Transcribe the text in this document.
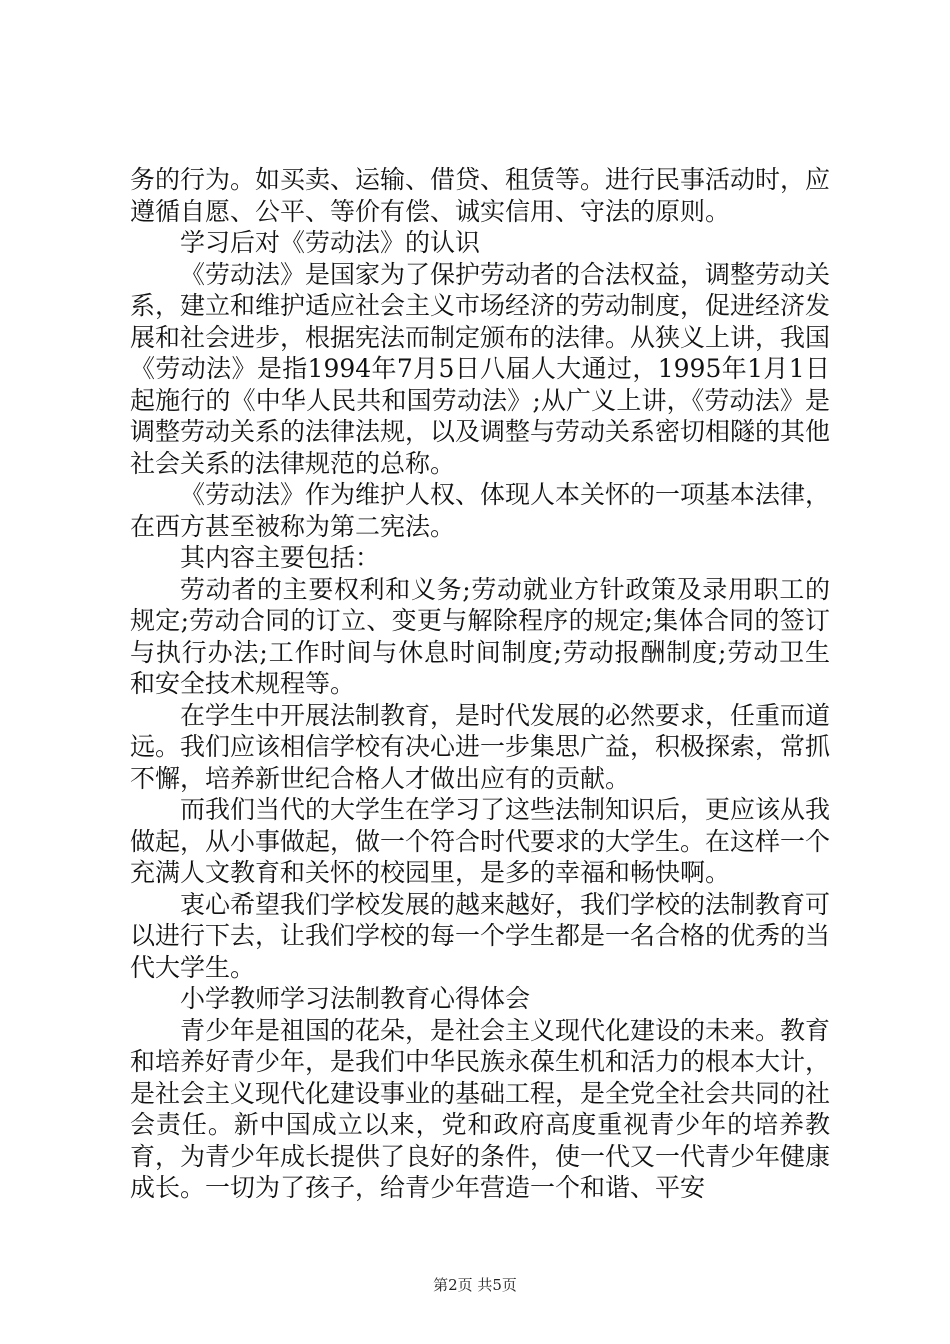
务的行为。如买卖、运输、借贷、租赁等。进行民事活动时，应遵循自愿、公平、等价有偿、诚实信用、守法的原则。

学习后对《劳动法》的认识

《劳动法》是国家为了保护劳动者的合法权益，调整劳动关系，建立和维护适应社会主义市场经济的劳动制度，促进经济发展和社会进步，根据宪法而制定颁布的法律。从狭义上讲，我国《劳动法》是指1994年7月5日八届人大通过，1995年1月1日起施行的《中华人民共和国劳动法》;从广义上讲，《劳动法》是调整劳动关系的法律法规，以及调整与劳动关系密切相隧的其他社会关系的法律规范的总称。

《劳动法》作为维护人权、体现人本关怀的一项基本法律，在西方甚至被称为第二宪法。

其内容主要包括：

劳动者的主要权利和义务;劳动就业方针政策及录用职工的规定;劳动合同的订立、变更与解除程序的规定;集体合同的签订与执行办法;工作时间与休息时间制度;劳动报酬制度;劳动卫生和安全技术规程等。

在学生中开展法制教育，是时代发展的必然要求，任重而道远。我们应该相信学校有决心进一步集思广益，积极探索，常抓不懈，培养新世纪合格人才做出应有的贡献。

而我们当代的大学生在学习了这些法制知识后，更应该从我做起，从小事做起，做一个符合时代要求的大学生。在这样一个充满人文教育和关怀的校园里，是多的幸福和畅快啊。

衷心希望我们学校发展的越来越好，我们学校的法制教育可以进行下去，让我们学校的每一个学生都是一名合格的优秀的当代大学生。

小学教师学习法制教育心得体会

青少年是祖国的花朵，是社会主义现代化建设的未来。教育和培养好青少年，是我们中华民族永葆生机和活力的根本大计，是社会主义现代化建设事业的基础工程，是全党全社会共同的社会责任。新中国成立以来，党和政府高度重视青少年的培养教育，为青少年成长提供了良好的条件，使一代又一代青少年健康成长。一切为了孩子，给青少年营造一个和谐、平安

第2页 共5页
